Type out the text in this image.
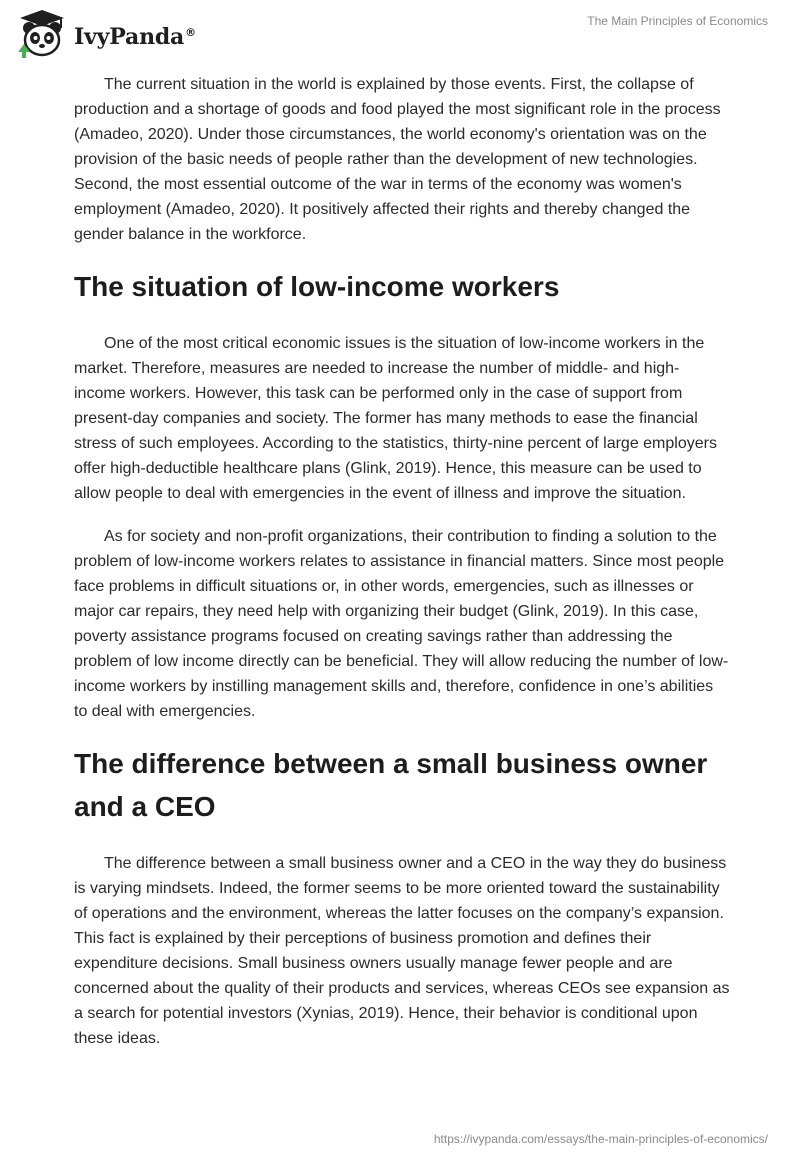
IvyPanda®
The Main Principles of Economics

The current situation in the world is explained by those events. First, the collapse of production and a shortage of goods and food played the most significant role in the process (Amadeo, 2020). Under those circumstances, the world economy's orientation was on the provision of the basic needs of people rather than the development of new technologies. Second, the most essential outcome of the war in terms of the economy was women's employment (Amadeo, 2020). It positively affected their rights and thereby changed the gender balance in the workforce.

The situation of low-income workers

One of the most critical economic issues is the situation of low-income workers in the market. Therefore, measures are needed to increase the number of middle- and high-income workers. However, this task can be performed only in the case of support from present-day companies and society. The former has many methods to ease the financial stress of such employees. According to the statistics, thirty-nine percent of large employers offer high-deductible healthcare plans (Glink, 2019). Hence, this measure can be used to allow people to deal with emergencies in the event of illness and improve the situation.

As for society and non-profit organizations, their contribution to finding a solution to the problem of low-income workers relates to assistance in financial matters. Since most people face problems in difficult situations or, in other words, emergencies, such as illnesses or major car repairs, they need help with organizing their budget (Glink, 2019). In this case, poverty assistance programs focused on creating savings rather than addressing the problem of low income directly can be beneficial. They will allow reducing the number of low-income workers by instilling management skills and, therefore, confidence in one’s abilities to deal with emergencies.

The difference between a small business owner and a CEO

The difference between a small business owner and a CEO in the way they do business is varying mindsets. Indeed, the former seems to be more oriented toward the sustainability of operations and the environment, whereas the latter focuses on the company’s expansion. This fact is explained by their perceptions of business promotion and defines their expenditure decisions. Small business owners usually manage fewer people and are concerned about the quality of their products and services, whereas CEOs see expansion as a search for potential investors (Xynias, 2019). Hence, their behavior is conditional upon these ideas.

https://ivypanda.com/essays/the-main-principles-of-economics/
